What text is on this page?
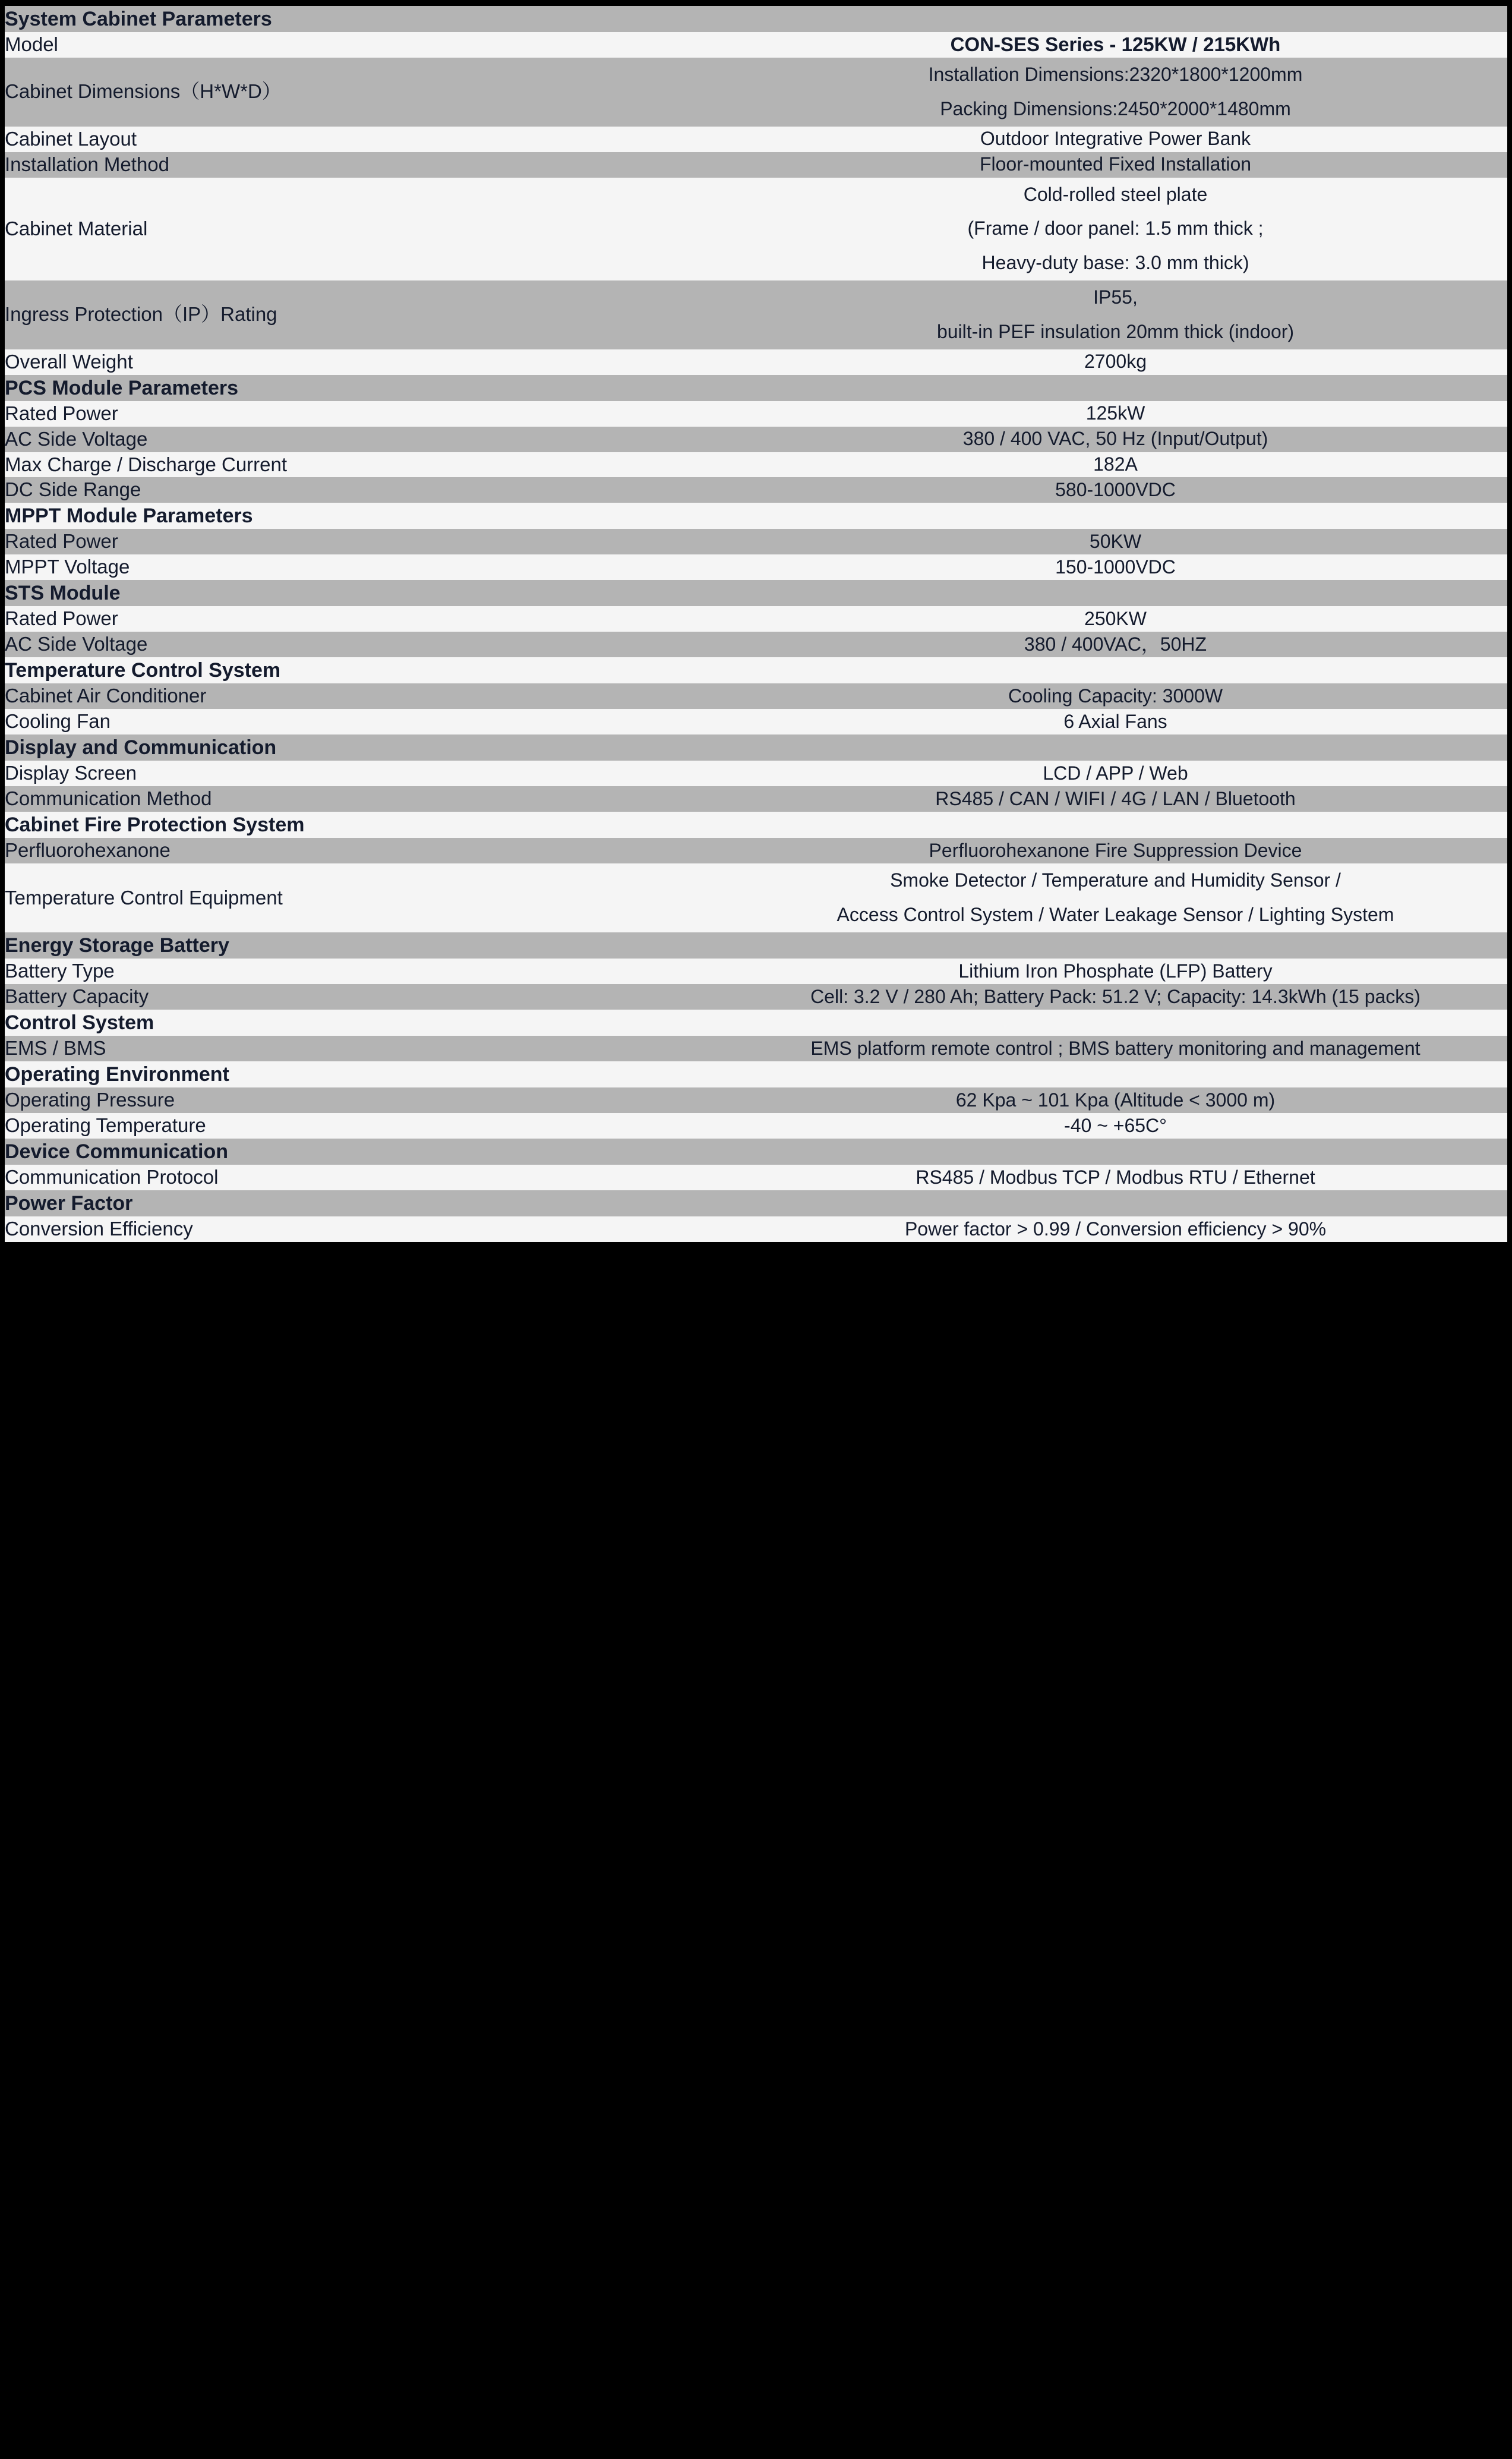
System Cabinet Parameters	
Model	CON-SES Series - 125KW / 215KWh

Cabinet Dimensions（H*W*D）	Installation Dimensions:2320*1800*1200mm
Packing Dimensions:2450*2000*1480mm

Cabinet Layout	Outdoor Integrative Power Bank

Installation Method	Floor-mounted Fixed Installation

Cabinet Material	Cold-rolled steel plate
(Frame / door panel: 1.5 mm thick ;
Heavy-duty base: 3.0 mm thick)

Ingress Protection（IP）Rating	IP55,
built-in PEF insulation 20mm thick (indoor)

Overall Weight	2700kg

PCS Module Parameters	
Rated Power	125kW

AC Side Voltage	380 / 400 VAC, 50 Hz (Input/Output)

Max Charge / Discharge Current	182A

DC Side Range	580-1000VDC

MPPT Module Parameters	
Rated Power	50KW

MPPT Voltage	150-1000VDC

STS Module	
Rated Power	250KW

AC Side Voltage	380 / 400VAC，50HZ

Temperature Control System	
Cabinet Air Conditioner	Cooling Capacity: 3000W

Cooling Fan	6 Axial Fans

Display and Communication	
Display Screen	LCD / APP / Web

Communication Method	RS485 / CAN / WIFI / 4G / LAN / Bluetooth

Cabinet Fire Protection System	
Perfluorohexanone	Perfluorohexanone Fire Suppression Device

Temperature Control Equipment	Smoke Detector / Temperature and Humidity Sensor /
Access Control System / Water Leakage Sensor / Lighting System

Energy Storage Battery	
Battery Type	Lithium Iron Phosphate (LFP) Battery

Battery Capacity	Cell: 3.2 V / 280 Ah; Battery Pack: 51.2 V; Capacity: 14.3kWh (15 packs)

Control System	
EMS / BMS	EMS platform remote control ; BMS battery monitoring and management

Operating Environment	
Operating Pressure	62 Kpa ~ 101 Kpa (Altitude < 3000 m)

Operating Temperature	-40 ~ +65C°

Device Communication	
Communication Protocol	RS485 / Modbus TCP / Modbus RTU / Ethernet

Power Factor	
Conversion Efficiency	Power factor > 0.99 / Conversion efficiency > 90%
